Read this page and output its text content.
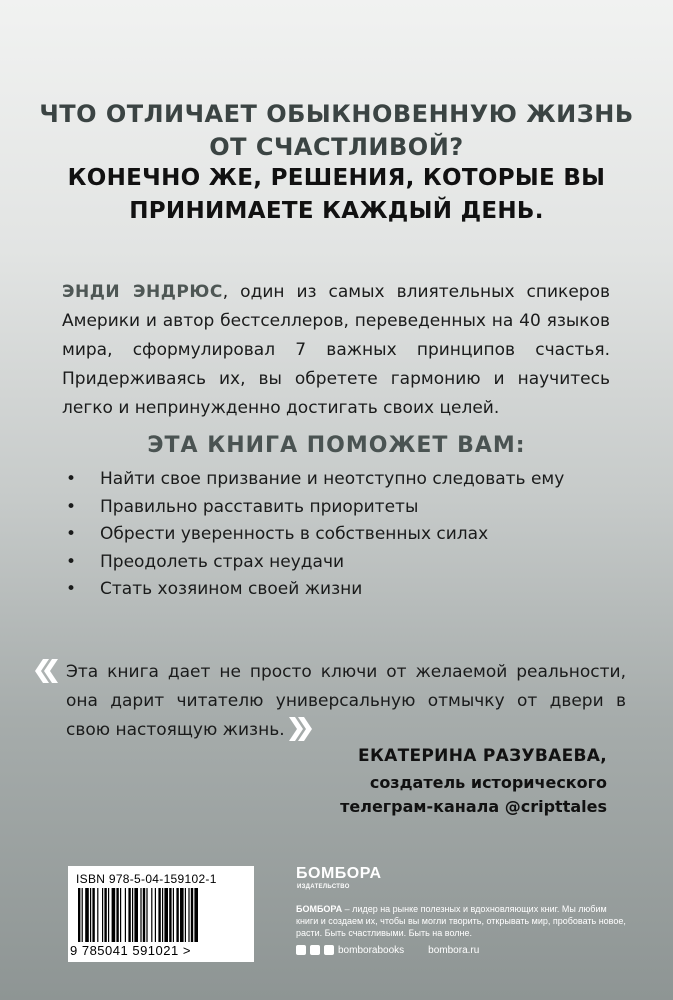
ЧТО ОТЛИЧАЕТ ОБЫКНОВЕННУЮ ЖИЗНЬ
ОТ СЧАСТЛИВОЙ?
КОНЕЧНО ЖЕ, РЕШЕНИЯ, КОТОРЫЕ ВЫ
ПРИНИМАЕТЕ КАЖДЫЙ ДЕНЬ.
ЭНДИ ЭНДРЮС, один из самых влиятельных спикеров Америки и автор бестселлеров, переведенных на 40 языков мира, сформулировал 7 важных принципов счастья. Придерживаясь их, вы обретете гармонию и научитесь легко и непринужденно достигать своих целей.
ЭТА КНИГА ПОМОЖЕТ ВАМ:
• Найти свое призвание и неотступно следовать ему
• Правильно расставить приоритеты
• Обрести уверенность в собственных силах
• Преодолеть страх неудачи
• Стать хозяином своей жизни
Эта книга дает не просто ключи от желаемой реальности, она дарит читателю универсальную отмычку от двери в свою настоящую жизнь.
ЕКАТЕРИНА РАЗУВАЕВА,
создатель исторического
телеграм-канала @cripttales
ISBN 978-5-04-159102-1
9 785041 591021 >
БОМБОРА
ИЗДАТЕЛЬСТВО
БОМБОРА – лидер на рынке полезных и вдохновляющих книг. Мы любим книги и создаем их, чтобы вы могли творить, открывать мир, пробовать новое, расти. Быть счастливыми. Быть на волне.
bomborabooks bombora.ru
